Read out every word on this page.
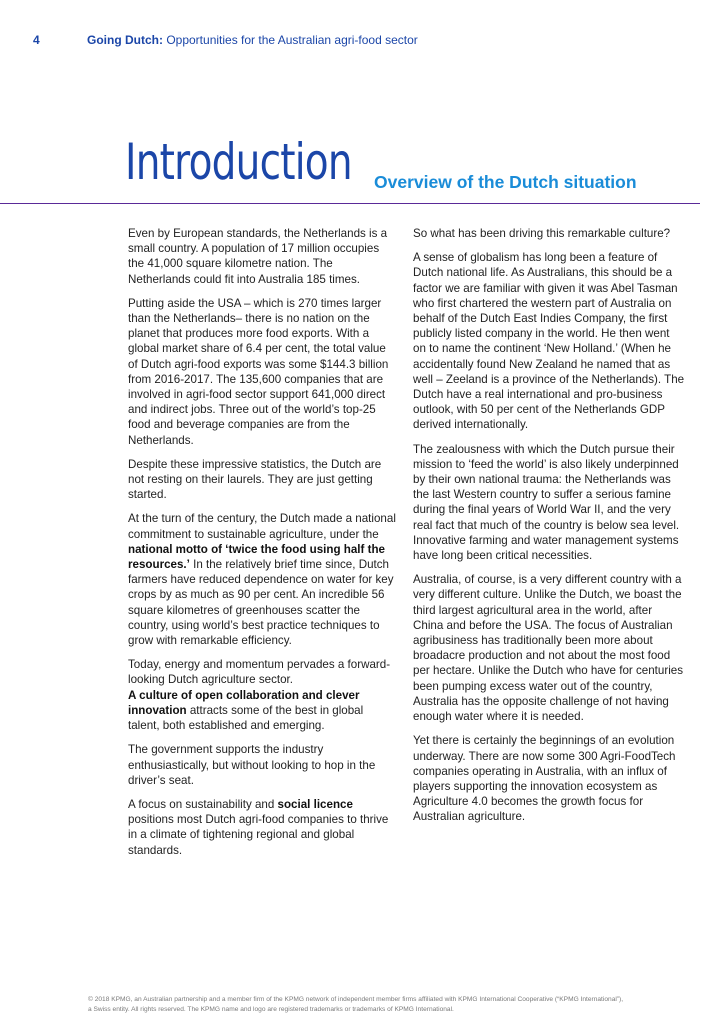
4	Going Dutch: Opportunities for the Australian agri-food sector
Introduction Overview of the Dutch situation

Even by European standards, the Netherlands is a small country. A population of 17 million occupies the 41,000 square kilometre nation. The Netherlands could fit into Australia 185 times.

Putting aside the USA – which is 270 times larger than the Netherlands– there is no nation on the planet that produces more food exports. With a global market share of 6.4 per cent, the total value of Dutch agri-food exports was some $144.3 billion from 2016-2017. The 135,600 companies that are involved in agri-food sector support 641,000 direct and indirect jobs. Three out of the world’s top-25 food and beverage companies are from the Netherlands.

Despite these impressive statistics, the Dutch are not resting on their laurels. They are just getting started.

At the turn of the century, the Dutch made a national commitment to sustainable agriculture, under the national motto of ‘twice the food using half the resources.’ In the relatively brief time since, Dutch farmers have reduced dependence on water for key crops by as much as 90 per cent. An incredible 56 square kilometres of greenhouses scatter the country, using world’s best practice techniques to grow with remarkable efficiency.

Today, energy and momentum pervades a forward-looking Dutch agriculture sector.
A culture of open collaboration and clever innovation attracts some of the best in global talent, both established and emerging.

The government supports the industry enthusiastically, but without looking to hop in the driver’s seat.

A focus on sustainability and social licence positions most Dutch agri-food companies to thrive in a climate of tightening regional and global standards.

So what has been driving this remarkable culture?

A sense of globalism has long been a feature of Dutch national life. As Australians, this should be a factor we are familiar with given it was Abel Tasman who first chartered the western part of Australia on behalf of the Dutch East Indies Company, the first publicly listed company in the world. He then went on to name the continent ‘New Holland.’ (When he accidentally found New Zealand he named that as well – Zeeland is a province of the Netherlands). The Dutch have a real international and pro-business outlook, with 50 per cent of the Netherlands GDP derived internationally.

The zealousness with which the Dutch pursue their mission to ‘feed the world’ is also likely underpinned by their own national trauma: the Netherlands was the last Western country to suffer a serious famine during the final years of World War II, and the very real fact that much of the country is below sea level. Innovative farming and water management systems have long been critical necessities.

Australia, of course, is a very different country with a very different culture. Unlike the Dutch, we boast the third largest agricultural area in the world, after China and before the USA. The focus of Australian agribusiness has traditionally been more about broadacre production and not about the most food per hectare. Unlike the Dutch who have for centuries been pumping excess water out of the country, Australia has the opposite challenge of not having enough water where it is needed.

Yet there is certainly the beginnings of an evolution underway. There are now some 300 Agri-FoodTech companies operating in Australia, with an influx of players supporting the innovation ecosystem as Agriculture 4.0 becomes the growth focus for Australian agriculture.

© 2018 KPMG, an Australian partnership and a member firm of the KPMG network of independent member firms affiliated with KPMG International Cooperative (“KPMG International”),
a Swiss entity. All rights reserved. The KPMG name and logo are registered trademarks or trademarks of KPMG International.
